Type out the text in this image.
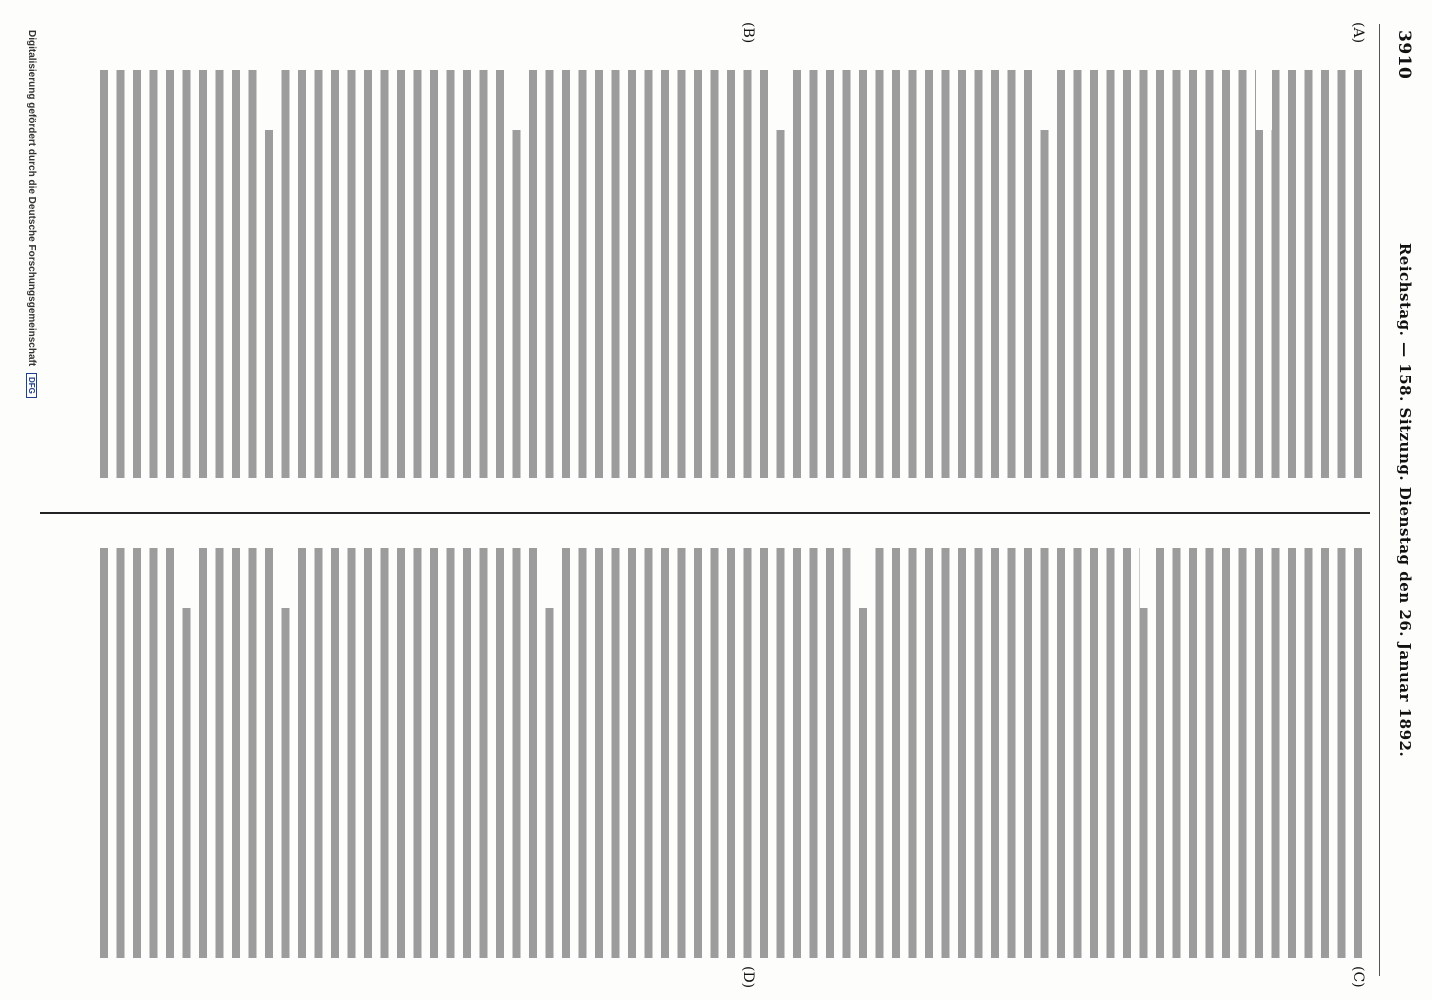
3910
Reichstag. — 158. Sitzung. Dienstag den 26. Januar 1892.
(A)
(B)
(C)
(D)
Digitalisierung gefördert durch die Deutsche Forschungsgemeinschaft DFG
